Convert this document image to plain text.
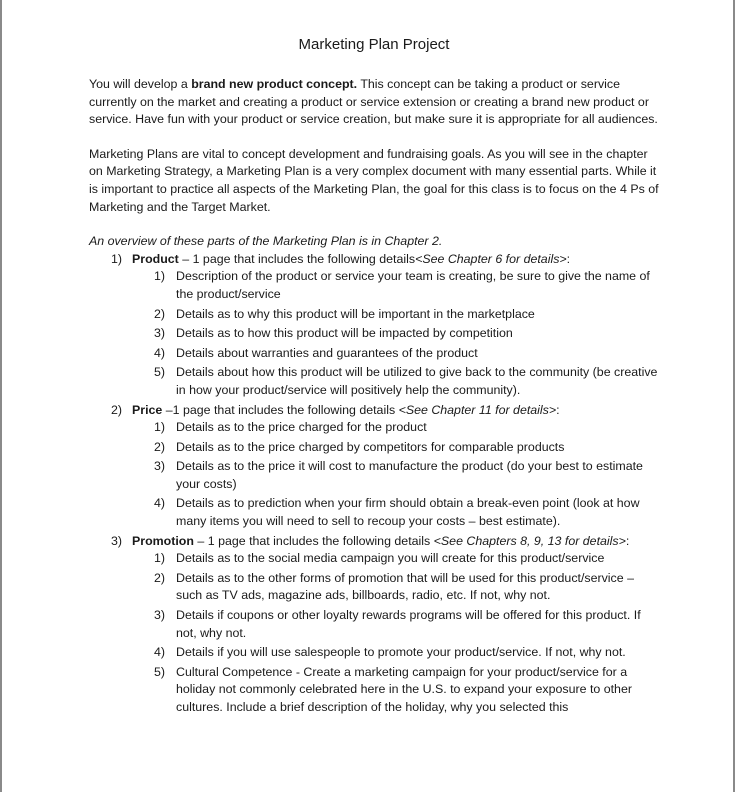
Marketing Plan Project

You will develop a brand new product concept. This concept can be taking a product or service currently on the market and creating a product or service extension or creating a brand new product or service. Have fun with your product or service creation, but make sure it is appropriate for all audiences.

Marketing Plans are vital to concept development and fundraising goals. As you will see in the chapter on Marketing Strategy, a Marketing Plan is a very complex document with many essential parts. While it is important to practice all aspects of the Marketing Plan, the goal for this class is to focus on the 4 Ps of Marketing and the Target Market.

An overview of these parts of the Marketing Plan is in Chapter 2.

1) Product – 1 page that includes the following details<See Chapter 6 for details>:
1) Description of the product or service your team is creating, be sure to give the name of the product/service
2) Details as to why this product will be important in the marketplace
3) Details as to how this product will be impacted by competition
4) Details about warranties and guarantees of the product
5) Details about how this product will be utilized to give back to the community (be creative in how your product/service will positively help the community).
2) Price –1 page that includes the following details <See Chapter 11 for details>:
1) Details as to the price charged for the product
2) Details as to the price charged by competitors for comparable products
3) Details as to the price it will cost to manufacture the product (do your best to estimate your costs)
4) Details as to prediction when your firm should obtain a break-even point (look at how many items you will need to sell to recoup your costs – best estimate).
3) Promotion – 1 page that includes the following details <See Chapters 8, 9, 13 for details>:
1) Details as to the social media campaign you will create for this product/service
2) Details as to the other forms of promotion that will be used for this product/service – such as TV ads, magazine ads, billboards, radio, etc. If not, why not.
3) Details if coupons or other loyalty rewards programs will be offered for this product. If not, why not.
4) Details if you will use salespeople to promote your product/service. If not, why not.
5) Cultural Competence - Create a marketing campaign for your product/service for a holiday not commonly celebrated here in the U.S. to expand your exposure to other cultures. Include a brief description of the holiday, why you selected this
